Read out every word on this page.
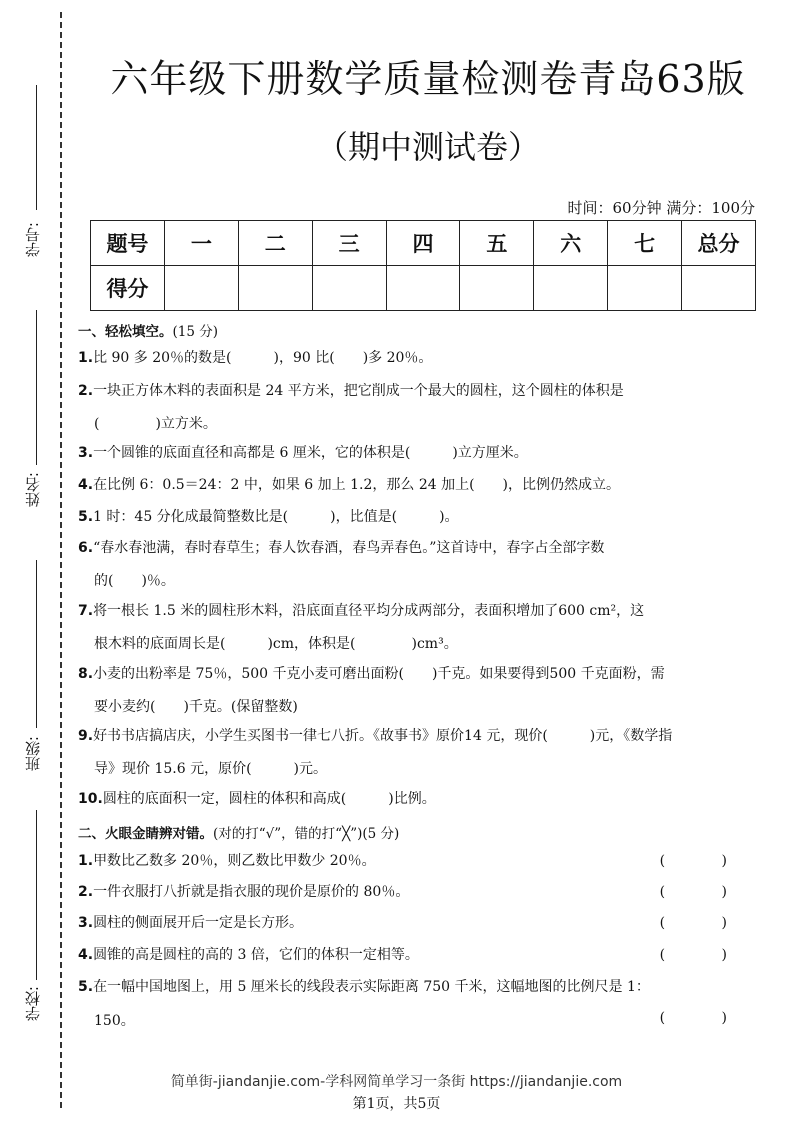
学号:
姓名:
班级:
学校:
六年级下册数学质量检测卷青岛63版
（期中测试卷）
时间：60分钟 满分：100分
题号	一	二	三	四	五	六	七	总分
得分								
一、轻松填空。(15 分)
1.比 90 多 20％的数是(　　　)，90 比(　　)多 20％。
2.一块正方体木料的表面积是 24 平方米，把它削成一个最大的圆柱，这个圆柱的体积是
(　　　　)立方米。
3.一个圆锥的底面直径和高都是 6 厘米，它的体积是(　　　)立方厘米。
4.在比例 6：0.5＝24：2 中，如果 6 加上 1.2，那么 24 加上(　　)，比例仍然成立。
5.1 时：45 分化成最简整数比是(　　　)，比值是(　　　)。
6.“春水春池满，春时春草生；春人饮春酒，春鸟弄春色。”这首诗中，春字占全部字数
的(　　)％。
7.将一根长 1.5 米的圆柱形木料，沿底面直径平均分成两部分，表面积增加了600 cm²，这
根木料的底面周长是(　　　)cm，体积是(　　　　)cm³。
8.小麦的出粉率是 75％，500 千克小麦可磨出面粉(　　)千克。如果要得到500 千克面粉，需
要小麦约(　　)千克。(保留整数)
9.好书书店搞店庆，小学生买图书一律七八折。《故事书》原价14 元，现价(　　　)元，《数学指
导》现价 15.6 元，原价(　　　)元。
10.圆柱的底面积一定，圆柱的体积和高成(　　　)比例。
二、火眼金睛辨对错。(对的打“√”，错的打“╳”)(5 分)
1.甲数比乙数多 20％，则乙数比甲数少 20％。	( )
2.一件衣服打八折就是指衣服的现价是原价的 80％。	( )
3.圆柱的侧面展开后一定是长方形。	( )
4.圆锥的高是圆柱的高的 3 倍，它们的体积一定相等。	( )
5.在一幅中国地图上，用 5 厘米长的线段表示实际距离 750 千米，这幅地图的比例尺是 1：
150。	( )
简单街-jiandanjie.com-学科网简单学习一条街 https://jiandanjie.com
第1页，共5页
